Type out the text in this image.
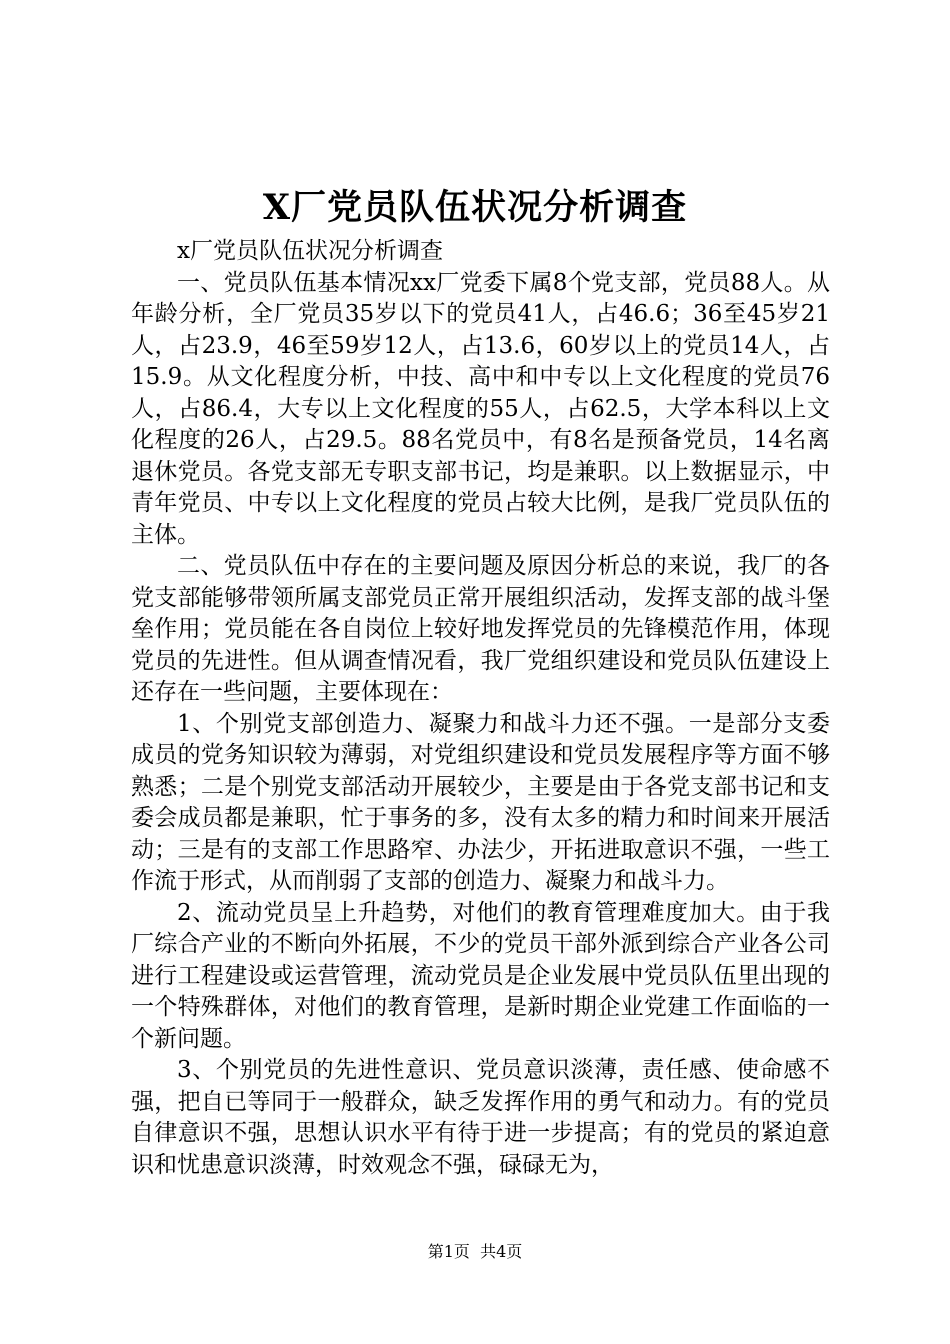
X厂党员队伍状况分析调查

x厂党员队伍状况分析调查

一、党员队伍基本情况xx厂党委下属8个党支部，党员88人。从年龄分析，全厂党员35岁以下的党员41人，占46.6；36至45岁21人，占23.9，46至59岁12人，占13.6，60岁以上的党员14人，占15.9。从文化程度分析，中技、高中和中专以上文化程度的党员76人，占86.4，大专以上文化程度的55人，占62.5，大学本科以上文化程度的26人，占29.5。88名党员中，有8名是预备党员，14名离退休党员。各党支部无专职支部书记，均是兼职。以上数据显示，中青年党员、中专以上文化程度的党员占较大比例，是我厂党员队伍的主体。

二、党员队伍中存在的主要问题及原因分析总的来说，我厂的各党支部能够带领所属支部党员正常开展组织活动，发挥支部的战斗堡垒作用；党员能在各自岗位上较好地发挥党员的先锋模范作用，体现党员的先进性。但从调查情况看，我厂党组织建设和党员队伍建设上还存在一些问题，主要体现在：

1、个别党支部创造力、凝聚力和战斗力还不强。一是部分支委成员的党务知识较为薄弱，对党组织建设和党员发展程序等方面不够熟悉；二是个别党支部活动开展较少，主要是由于各党支部书记和支委会成员都是兼职，忙于事务的多，没有太多的精力和时间来开展活动；三是有的支部工作思路窄、办法少，开拓进取意识不强，一些工作流于形式，从而削弱了支部的创造力、凝聚力和战斗力。

2、流动党员呈上升趋势，对他们的教育管理难度加大。由于我厂综合产业的不断向外拓展，不少的党员干部外派到综合产业各公司进行工程建设或运营管理，流动党员是企业发展中党员队伍里出现的一个特殊群体，对他们的教育管理，是新时期企业党建工作面临的一个新问题。

3、个别党员的先进性意识、党员意识淡薄，责任感、使命感不强，把自已等同于一般群众，缺乏发挥作用的勇气和动力。有的党员自律意识不强，思想认识水平有待于进一步提高；有的党员的紧迫意识和忧患意识淡薄，时效观念不强，碌碌无为，

第1页  共4页
